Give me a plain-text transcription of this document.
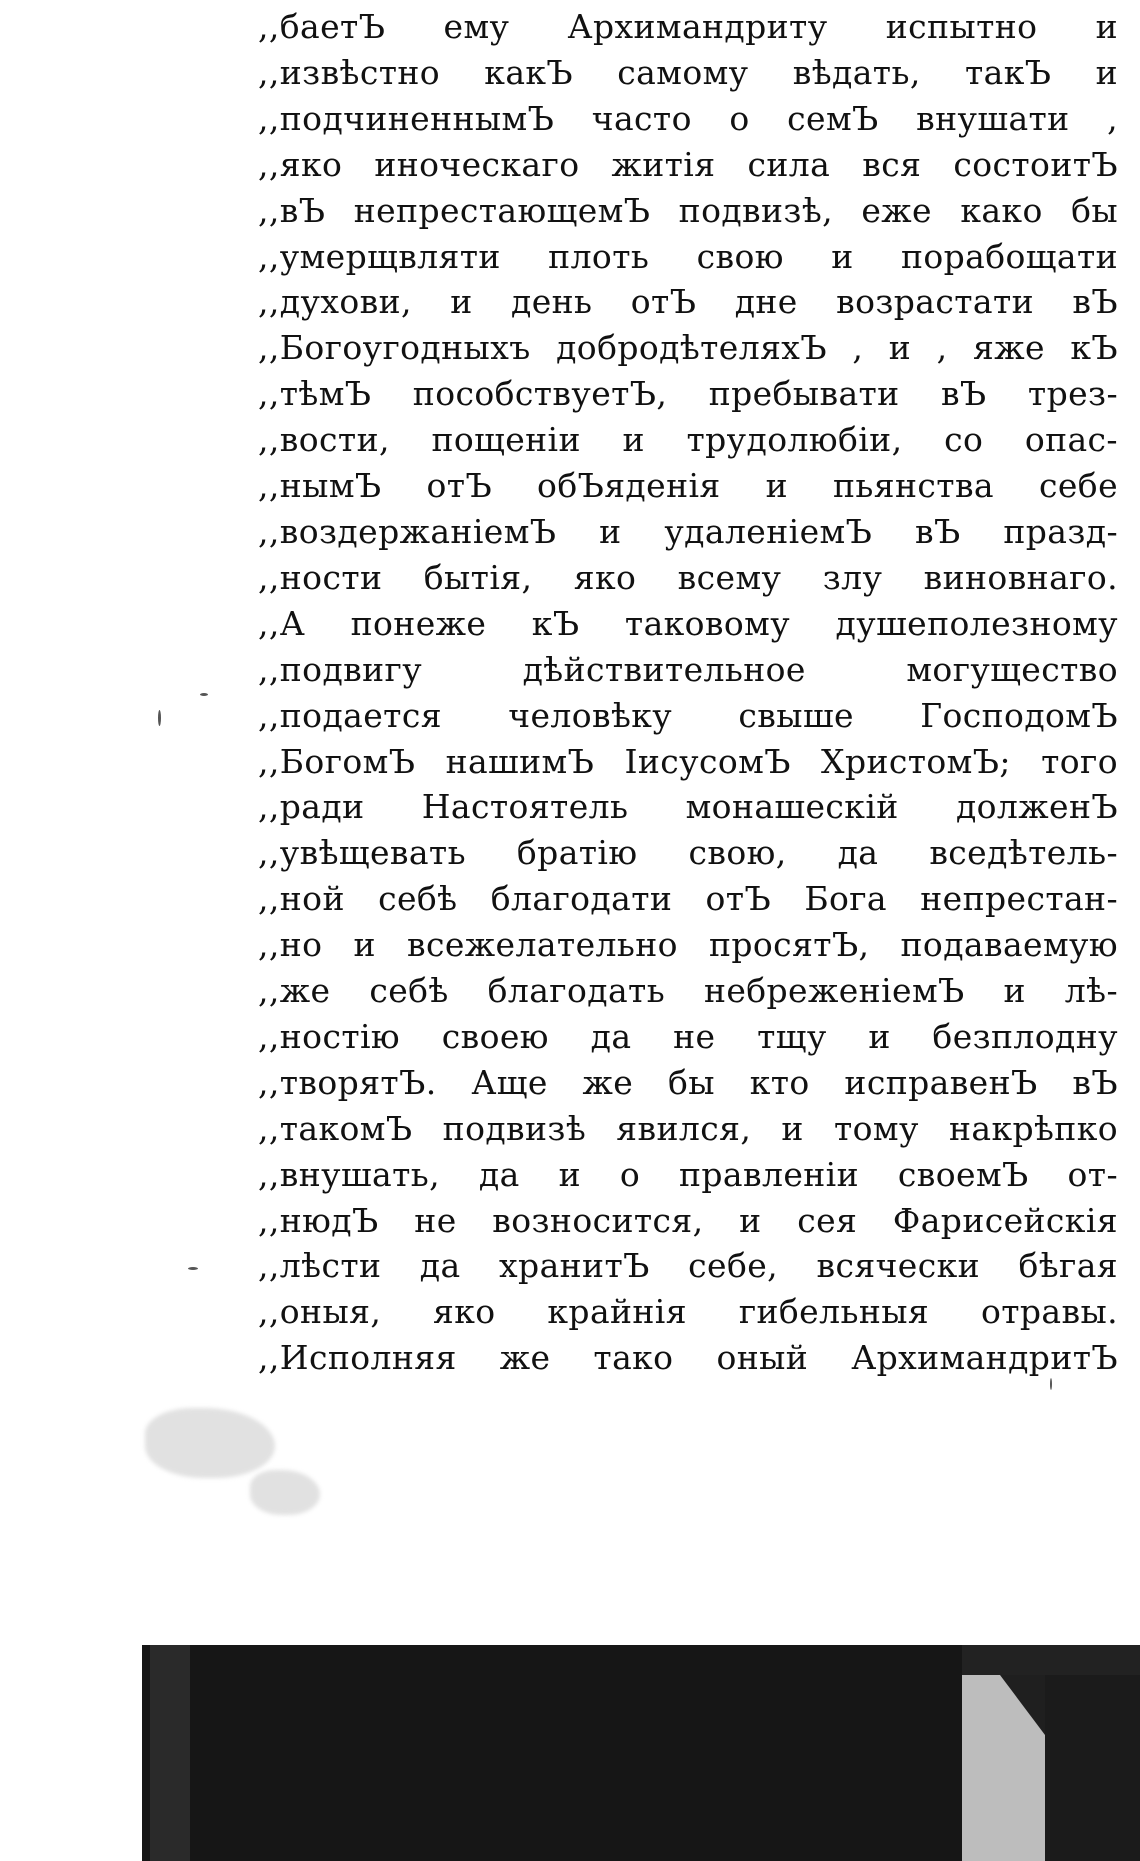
,,баетЪ ему Архимандриту испытно и
,,извѣстно какЪ самому вѣдать, такЪ и
,,подчиненнымЪ часто о семЪ внушати ,
,,яко иноческаго житія сила вся состоитЪ
,,вЪ непрестающемЪ подвизѣ, еже како бы
,,умерщвляти плоть свою и порабощати
,,духови, и день отЪ дне возрастати вЪ
,,Богоугодныхъ добродѣтеляхЪ , и , яже кЪ
,,тѣмЪ пособствуетЪ, пребывати вЪ трез-
,,вости, пощеніи и трудолюбіи, со опас-
,,нымЪ отЪ обЪяденія и пьянства себе
,,воздержаніемЪ и удаленіемЪ вЪ празд-
,,ности бытія, яко всему злу виновнаго.
,,А понеже кЪ таковому душеполезному
,,подвигу дѣйствительное могущество
,,подается человѣку свыше ГосподомЪ
,,БогомЪ нашимЪ ІисусомЪ ХристомЪ; того
,,ради Настоятель монашескій долженЪ
,,увѣщевать братію свою, да вседѣтель-
,,ной себѣ благодати отЪ Бога непрестан-
,,но и всежелательно просятЪ, подаваемую
,,же себѣ благодать небреженіемЪ и лѣ-
,,ностію своею да не тщу и безплодну
,,творятЪ. Аще же бы кто исправенЪ вЪ
,,такомЪ подвизѣ явился, и тому накрѣпко
,,внушать, да и о правленіи своемЪ от-
,,нюдЪ не возносится, и сея Фарисейскія
,,лѣсти да хранитЪ себе, всячески бѣгая
,,оныя, яко крайнія гибельныя отравы.
,,Исполняя же тако оный АрхимандритЪ
